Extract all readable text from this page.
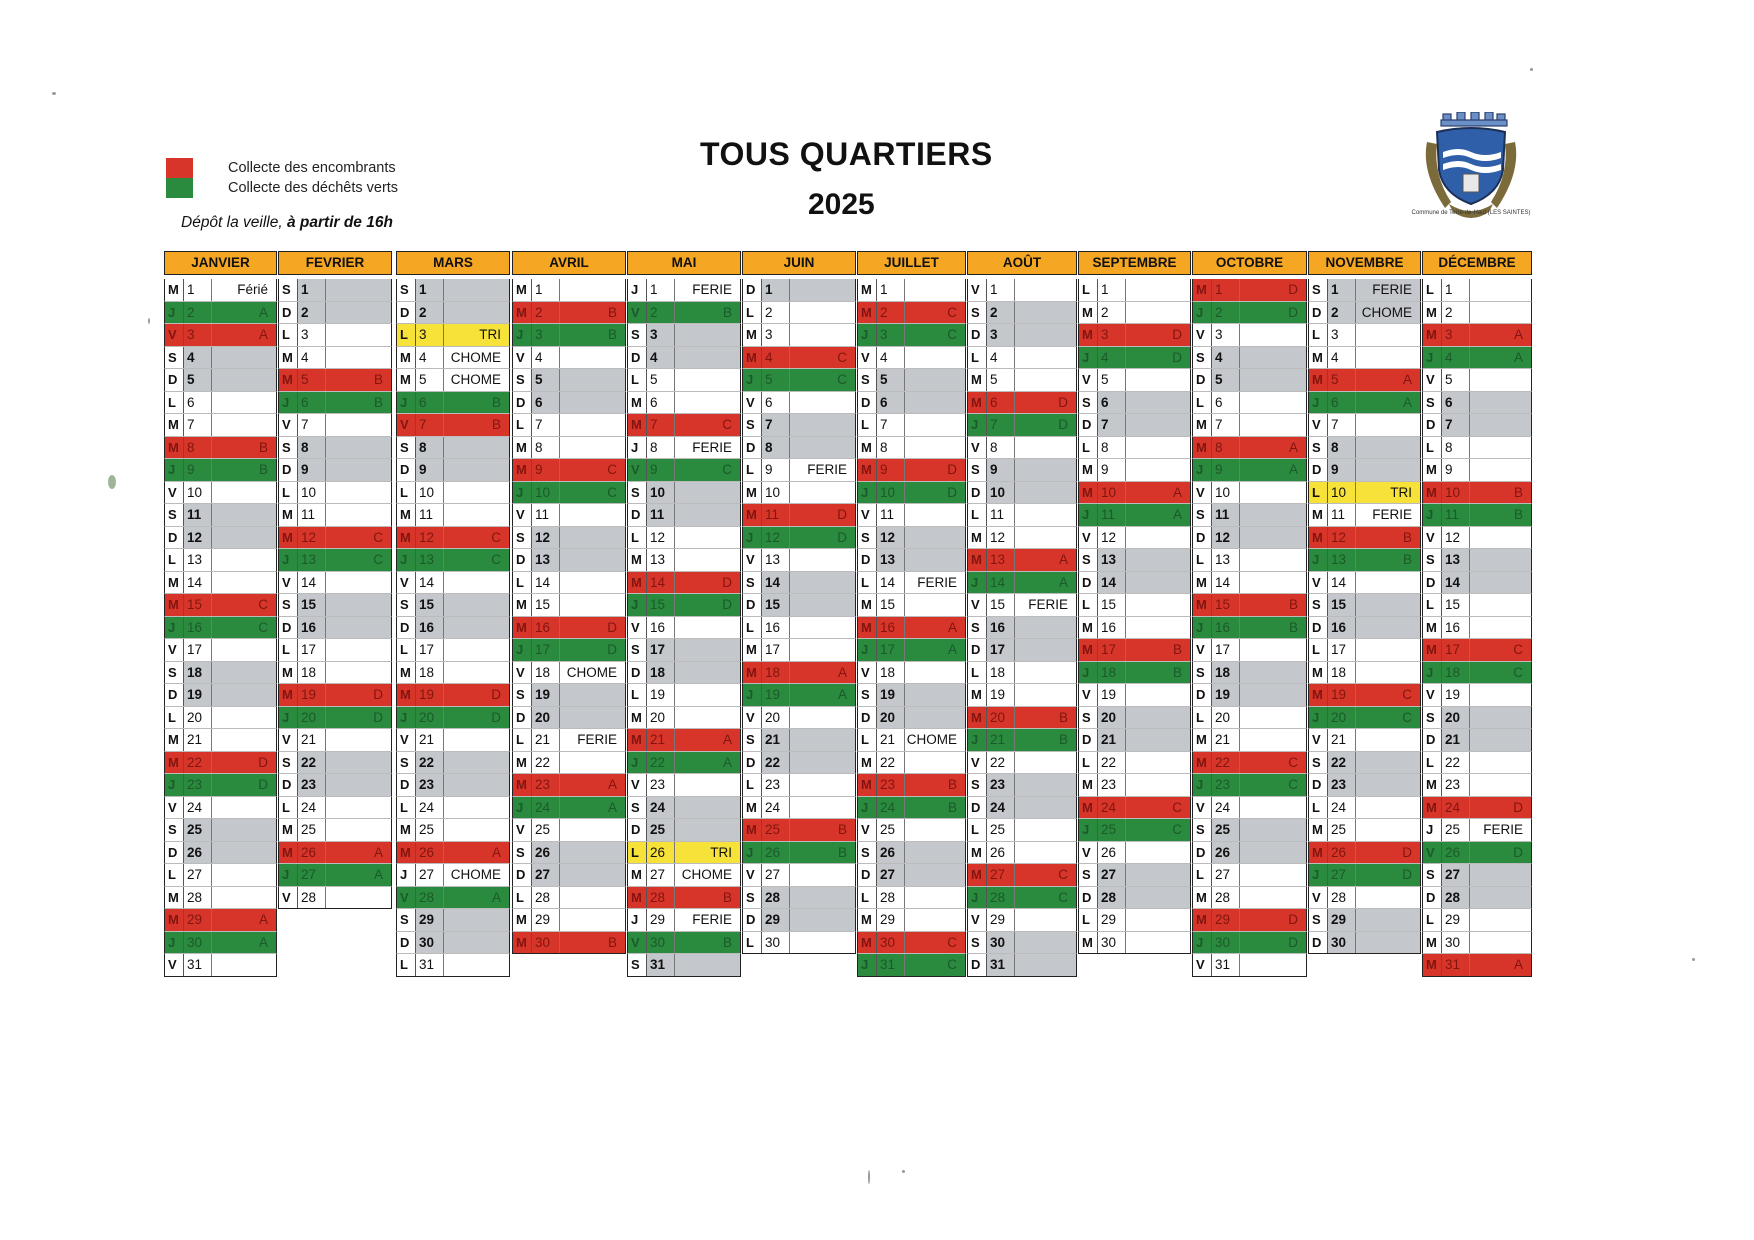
Collecte des encombrants
Collecte des déchêts verts
Dépôt la veille, à partir de 16h
TOUS QUARTIERS
2025	Commune de Terre-de-Haut (LES SAINTES)
JANVIER
M 1	Férié
J 2	A
V 3	A
S 4
D 5
L 6
M 7
M 8	B
J 9	B
V 10
S 11
D 12
L 13
M 14
M 15	C
J 16	C
V 17
S 18
D 19
L 20
M 21
M 22	D
J 23	D
V 24
S 25
D 26
L 27
M 28
M 29	A
J 30	A
V 31
FEVRIER
S 1
D 2
L 3
M 4
M 5	B
J 6	B
V 7
S 8
D 9
L 10
M 11
M 12	C
J 13	C
V 14
S 15
D 16
L 17
M 18
M 19	D
J 20	D
V 21
S 22
D 23
L 24
M 25
M 26	A
J 27	A
V 28
MARS
S 1
D 2
L 3	TRI
M 4 CHOME
M 5 CHOME
J 6	B
V 7	B
S 8
D 9
L 10
M 11
M 12	C
J 13	C
V 14
S 15
D 16
L 17
M 18
M 19	D
J 20	D
V 21
S 22
D 23
L 24
M 25
M 26	A
J 27 CHOME
V 28	A
S 29
D 30
L 31
AVRIL
M 1
M 2	B
J 3	B
V 4
S 5
D 6
L 7
M 8
M 9	C
J 10	C
V 11
S 12
D 13
L 14
M 15
M 16	D
J 17	D
V 18 CHOME
S 19
D 20
L 21 FERIE
M 22
M 23	A
J 24	A
V 25
S 26
D 27
L 28
M 29
M 30	B
MAI
J 1	FERIE
V 2	B
S 3
D 4
L 5
M 6
M 7	C
J 8	FERIE
V 9	C
S 10
D 11
L 12
M 13
M 14	D
J 15	D
V 16
S 17
D 18
L 19
M 20
M 21	A
J 22	A
V 23
S 24
D 25
L 26	TRI
M 27 CHOME
M 28	B
J 29 FERIE
V 30	B
S 31
JUIN
D 1
L 2
M 3
M 4	C
J 5	C
V 6
S 7
D 8
L 9	FERIE
M 10
M 11	D
J 12	D
V 13
S 14
D 15
L 16
M 17
M 18	A
J 19	A
V 20
S 21
D 22
L 23
M 24
M 25	B
J 26	B
V 27
S 28
D 29
L 30
JUILLET
M 1
M 2	C
J 3	C
V 4
S 5
D 6
L 7
M 8
M 9	D
J 10	D
V 11
S 12
D 13
L 14 FERIE
M 15
M 16	A
J 17	A
V 18
S 19
D 20
L 21 CHOME
M 22
M 23	B
J 24	B
V 25
S 26
D 27
L 28
M 29
M 30	C
J 31	C
AOÛT
V 1
S 2
D 3
L 4
M 5
M 6	D
J 7	D
V 8
S 9
D 10
L 11
M 12
M 13	A
J 14	A
V 15 FERIE
S 16
D 17
L 18
M 19
M 20	B
J 21	B
V 22
S 23
D 24
L 25
M 26
M 27	C
J 28	C
V 29
S 30
D 31
SEPTEMBRE
L 1
M 2
M 3	D
J 4	D
V 5
S 6
D 7
L 8
M 9
M 10	A
J 11	A
V 12
S 13
D 14
L 15
M 16
M 17	B
J 18	B
V 19
S 20
D 21
L 22
M 23
M 24	C
J 25	C
V 26
S 27
D 28
L 29
M 30
OCTOBRE
M 1	D
J 2	D
V 3
S 4
D 5
L 6
M 7
M 8	A
J 9	A
V 10
S 11
D 12
L 13
M 14
M 15	B
J 16	B
V 17
S 18
D 19
L 20
M 21
M 22	C
J 23	C
V 24
S 25
D 26
L 27
M 28
M 29	D
J 30	D
V 31
NOVEMBRE
S 1 FERIE
D 2 CHOME
L 3
M 4
M 5	A
J 6	A
V 7
S 8
D 9
L 10	TRI
M 11 FERIE
M 12	B
J 13	B
V 14
S 15
D 16
L 17
M 18
M 19	C
J 20	C
V 21
S 22
D 23
L 24
M 25
M 26	D
J 27	D
V 28
S 29
D 30
DÉCEMBRE
L 1
M 2
M 3	A
J 4	A
V 5
S 6
D 7
L 8
M 9
M 10	B
J 11	B
V 12
S 13
D 14
L 15
M 16
M 17	C
J 18	C
V 19
S 20
D 21
L 22
M 23
M 24	D
J 25 FERIE
V 26	D
S 27
D 28
L 29
M 30
M 31	A
